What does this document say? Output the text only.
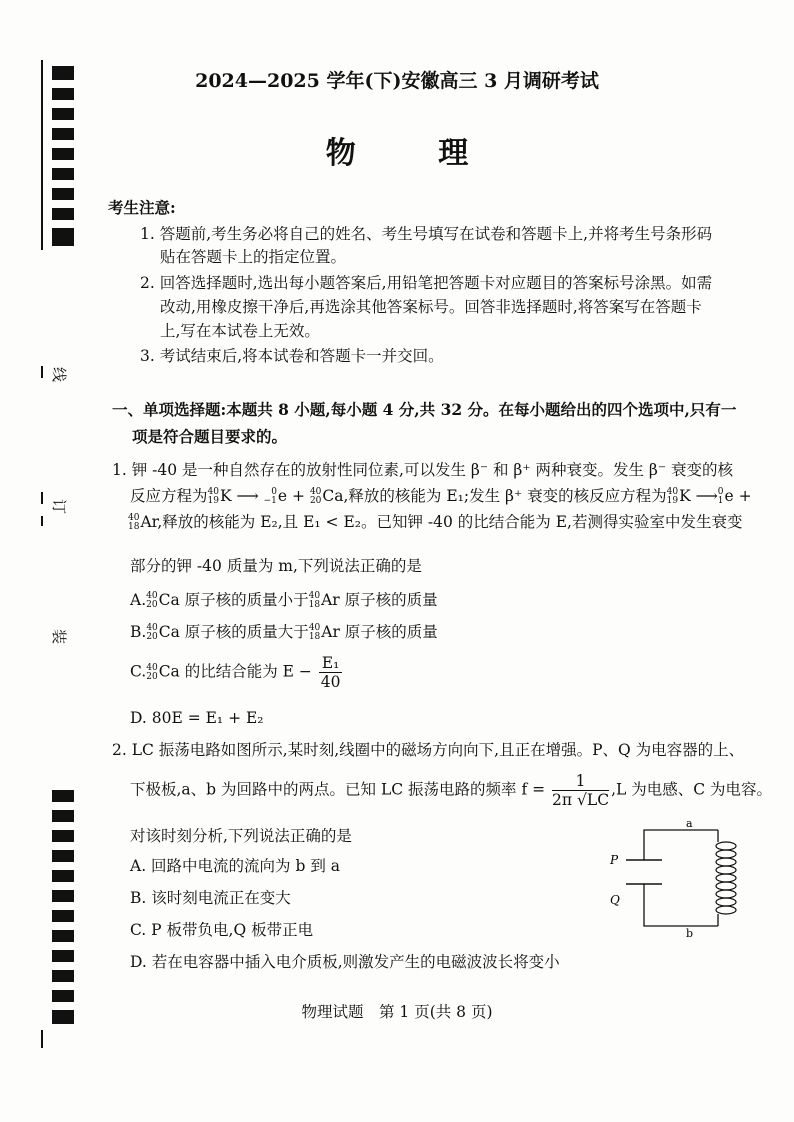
线
订
装
2024—2025 学年(下)安徽高三 3 月调研考试
物 理
考生注意:
1. 答题前,考生务必将自己的姓名、考生号填写在试卷和答题卡上,并将考生号条形码
贴在答题卡上的指定位置。
2. 回答选择题时,选出每小题答案后,用铅笔把答题卡对应题目的答案标号涂黑。如需
改动,用橡皮擦干净后,再选涂其他答案标号。回答非选择题时,将答案写在答题卡
上,写在本试卷上无效。
3. 考试结束后,将本试卷和答题卡一并交回。
一、单项选择题:本题共 8 小题,每小题 4 分,共 32 分。在每小题给出的四个选项中,只有一
项是符合题目要求的。
1. 钾 -40 是一种自然存在的放射性同位素,可以发生 β⁻ 和 β⁺ 两种衰变。发生 β⁻ 衰变的核
反应方程为40
19K ⟶ 0
−1e + 40
20Ca,释放的核能为 E₁;发生 β⁺ 衰变的核反应方程为40
19K ⟶0
1e +
40
18Ar,释放的核能为 E₂,且 E₁ < E₂。已知钾 -40 的比结合能为 E,若测得实验室中发生衰变
部分的钾 -40 质量为 m,下列说法正确的是
A.40
20Ca 原子核的质量小于40
18Ar 原子核的质量
B.40
20Ca 原子核的质量大于40
18Ar 原子核的质量
C.40
20Ca 的比结合能为 $E - \frac{\text{E₁}}{40}$
D. 80E = E₁ + E₂
2. LC 振荡电路如图所示,某时刻,线圈中的磁场方向向下,且正在增强。P、Q 为电容器的上、
下极板,a、b 为回路中的两点。已知 LC 振荡电路的频率 $f = \frac{1}{2\pi √LC} ,L$ 为电感、C 为电容。
对该时刻分析,下列说法正确的是
A. 回路中电流的流向为 b 到 a
B. 该时刻电流正在变大
C. P 板带负电,Q 板带正电
D. 若在电容器中插入电介质板,则激发产生的电磁波波长将变小
a
b
P
Q
物理试题　第 1 页(共 8 页)
